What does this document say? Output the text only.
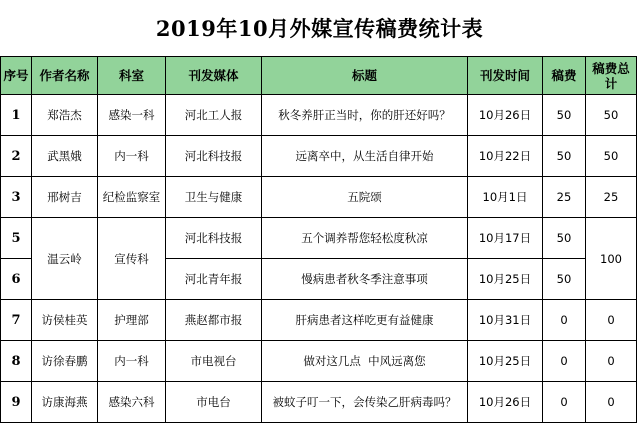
2019年10月外媒宣传稿费统计表
序号	作者名称	科室	刊发媒体	标题	刊发时间	稿费	稿费总计
1	郑浩杰	感染一科	河北工人报	秋冬养肝正当时，你的肝还好吗？	10月26日	50	50
2	武黑娥	内一科	河北科技报	远离卒中，从生活自律开始	10月22日	50	50
3	邢树吉	纪检监察室	卫生与健康	五院颂	10月1日	25	25
5	温云岭	宣传科	河北科技报	五个调养帮您轻松度秋凉	10月17日	50	100
6			河北青年报	慢病患者秋冬季注意事项	10月25日	50	
7	访侯桂英	护理部	燕赵都市报	肝病患者这样吃更有益健康	10月31日	0	0
8	访徐春鹏	内一科	市电视台	做对这几点  中风远离您	10月25日	0	0
9	访康海燕	感染六科	市电台	被蚊子叮一下，会传染乙肝病毒吗？	10月26日	0	0
